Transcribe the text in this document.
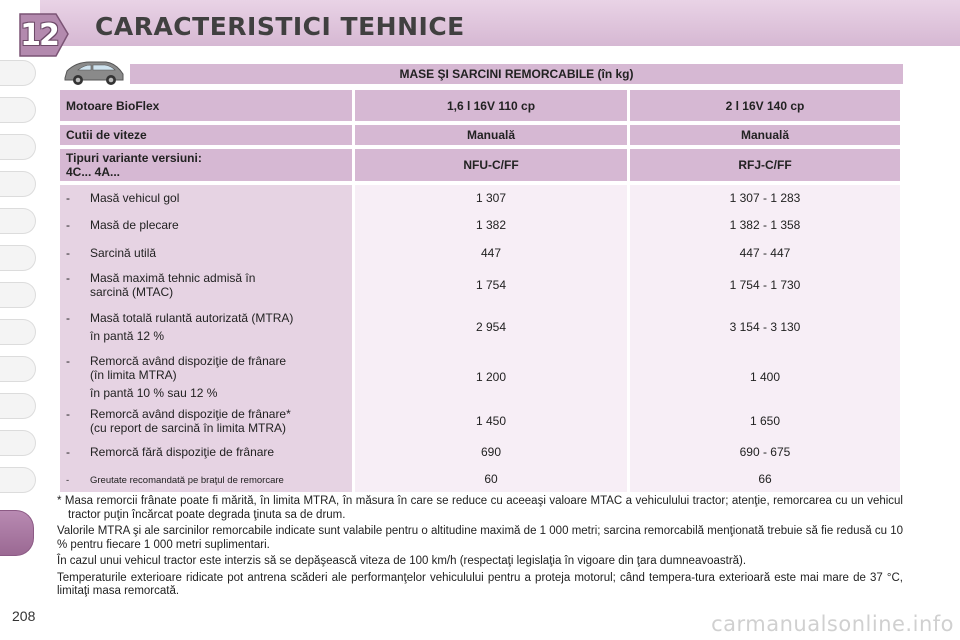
12 CARACTERISTICI TEHNICE
MASE ŞI SARCINI REMORCABILE (în kg)
Motoare BioFlex	1,6 l 16V 110 cp	2 l 16V 140 cp

Cutii de viteze	Manuală	Manuală

Tipuri variante versiuni:
4C... 4A...	NFU-C/FF	RFJ-C/FF

- Masă vehicul gol	1 307	1 307 - 1 283
- Masă de plecare	1 382	1 382 - 1 358
- Sarcină utilă	447	447 - 447
- Masă maximă tehnic admisă în
sarcină (MTAC)	1 754	1 754 - 1 730
- Masă totală rulantă autorizată (MTRA)
în pantă 12 %	2 954	3 154 - 3 130
- Remorcă având dispoziţie de frânare
(în limita MTRA)
în pantă 10 % sau 12 %	1 200	1 400
- Remorcă având dispoziţie de frânare*
(cu report de sarcină în limita MTRA)	1 450	1 650
- Remorcă fără dispoziţie de frânare	690	690 - 675
- Greutate recomandată pe braţul de remorcare	60	66

* Masa remorcii frânate poate fi mărită, în limita MTRA, în măsura în care se reduce cu aceeaşi valoare MTAC a vehiculului tractor; atenţie, remorcarea cu un vehicul tractor puţin încărcat poate degrada ţinuta sa de drum.

Valorile MTRA şi ale sarcinilor remorcabile indicate sunt valabile pentru o altitudine maximă de 1 000 metri; sarcina remorcabilă menţionată trebuie să fie redusă cu 10 % pentru fiecare 1 000 metri suplimentari.

În cazul unui vehicul tractor este interzis să se depăşească viteza de 100 km/h (respectaţi legislaţia în vigoare din ţara dumneavoastră).

Temperaturile exterioare ridicate pot antrena scăderi ale performanţelor vehiculului pentru a proteja motorul; când tempera-tura exterioară este mai mare de 37 °C, limitaţi masa remorcată.

208	carmanualsonline.info
